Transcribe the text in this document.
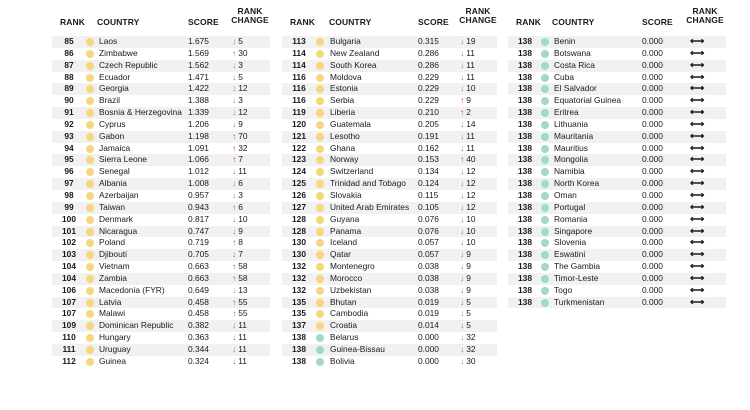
RANK COUNTRY	SCORE
RANK
CHANGE
85	Laos	1.675	↓ 5
86	Zimbabwe	1.569	↑ 30
87	Czech Republic	1.562	↓ 3
88	Ecuador	1.471	↓ 5
89	Georgia	1.422	↓ 12
90	Brazil	1.388	↓ 3
91	Bosnia & Herzegovina 1.339	↓ 12
92	Cyprus	1.206	↓ 9
93	Gabon	1.198	↑ 70
94	Jamaica	1.091	↑ 32
95	Sierra Leone	1.066	↑ 7
96	Senegal	1.012	↓ 11
97	Albania	1.008	↓ 6
98	Azerbaijan	0.957	↓ 3
99	Taiwan	0.943	↑ 6
100	Denmark	0.817	↓ 10
101	Nicaragua	0.747	↓ 9
102	Poland	0.719	↑ 8
103	Djibouti	0.705	↓ 7
104	Vietnam	0.663	↑ 58
104	Zambia	0.663	↑ 58
106	Macedonia (FYR)	0.649	↓ 13
107	Latvia	0.458	↑ 55
107	Malawi	0.458	↑ 55
109	Dominican Republic 0.382	↓ 11
110	Hungary	0.363	↓ 11
111	Uruguay	0.344	↓ 11
112	Guinea	0.324	↓ 11
RANK COUNTRY	SCORE
RANK
CHANGE
113	Bulgaria	0.315	↓ 19
114	New Zealand	0.286	↓ 11
114	South Korea	0.286	↓ 11
116	Moldova	0.229	↓ 11
116	Estonia	0.229	↓ 10
116	Serbia	0.229	↑ 9
119	Liberia	0.210	↑ 2
120	Guatemala	0.205	↓ 14
121	Lesotho	0.191	↓ 11
122	Ghana	0.162	↓ 11
123	Norway	0.153	↑ 40
124	Switzerland	0.134	↓ 12
125	Trinidad and Tobago 0.124	↓ 12
126	Slovakia	0.115	↓ 12
127	United Arab Emirates 0.105	↓ 12
128	Guyana	0.076	↓ 10
128	Panama	0.076	↓ 10
130	Iceland	0.057	↓ 10
130	Qatar	0.057	↓ 9
132	Montenegro	0.038	↓ 9
132	Morocco	0.038	↓ 9
132	Uzbekistan	0.038	↓ 9
135	Bhutan	0.019	↓ 5
135	Cambodia	0.019	↓ 5
137	Croatia	0.014	↓ 5
138	Belarus	0.000	↓ 32
138	Guinea-Bissau	0.000	↓ 32
138	Bolivia	0.000	↓ 30
RANK COUNTRY	SCORE
RANK
CHANGE
138	Benin	0.000	⟷
138	Botswana	0.000	⟷
138	Costa Rica	0.000	⟷
138	Cuba	0.000	⟷
138	El Salvador	0.000	⟷
138	Equatorial Guinea 0.000	⟷
138	Eritrea	0.000	⟷
138	Lithuania	0.000	⟷
138	Mauritania	0.000	⟷
138	Mauritius	0.000	⟷
138	Mongolia	0.000	⟷
138	Namibia	0.000	⟷
138	North Korea	0.000	⟷
138	Oman	0.000	⟷
138	Portugal	0.000	⟷
138	Romania	0.000	⟷
138	Singapore	0.000	⟷
138	Slovenia	0.000	⟷
138	Eswatini	0.000	⟷
138	The Gambia	0.000	⟷
138	Timor-Leste	0.000	⟷
138	Togo	0.000	⟷
138	Turkmenistan	0.000	⟷
